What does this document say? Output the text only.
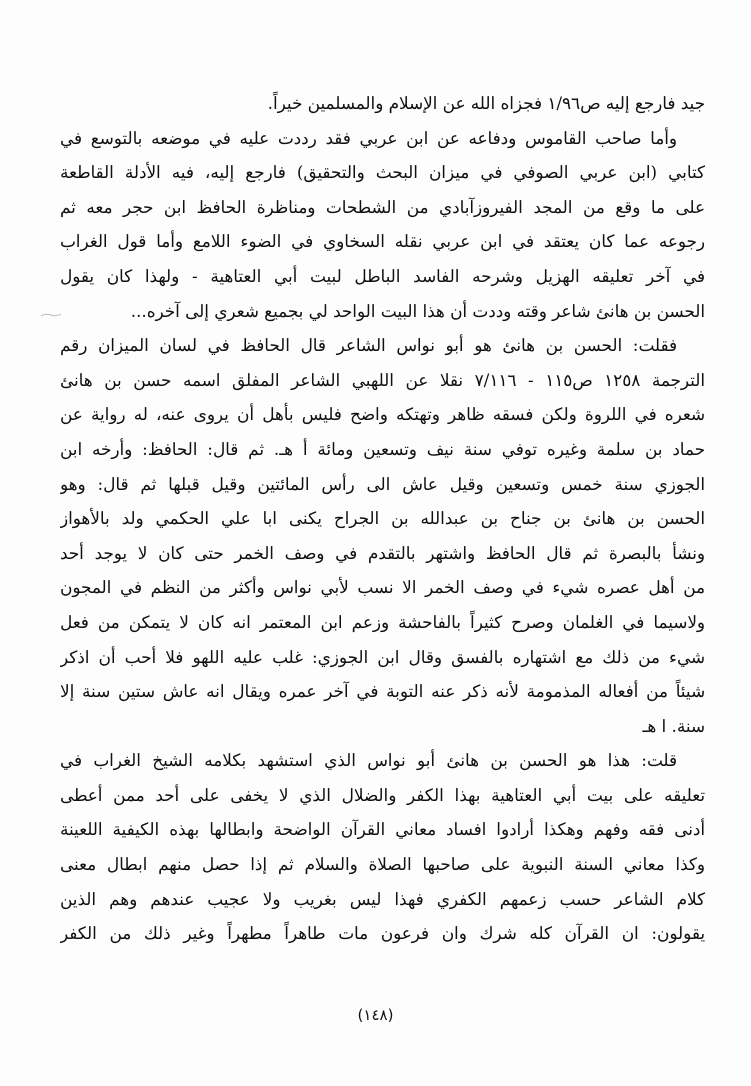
جيد فارجع إليه ص١/٩٦ فجزاه الله عن الإسلام والمسلمين خيراً.
وأما صاحب القاموس ودفاعه عن ابن عربي فقد رددت عليه في موضعه بالتوسع في
كتابي (ابن عربي الصوفي في ميزان البحث والتحقيق) فارجع إليه، فيه الأدلة القاطعة
على ما وقع من المجد الفيروزآبادي من الشطحات ومناظرة الحافظ ابن حجر معه ثم
رجوعه عما كان يعتقد في ابن عربي نقله السخاوي في الضوء اللامع وأما قول الغراب
في آخر تعليقه الهزيل وشرحه الفاسد الباطل لبيت أبي العتاهية - ولهذا كان يقول
الحسن بن هانئ شاعر وقته وددت أن هذا البيت الواحد لي بجميع شعري إلى آخره...
فقلت: الحسن بن هانئ هو أبو نواس الشاعر قال الحافظ في لسان الميزان رقم
الترجمة ١٢٥٨ ص١١٥ - ٧/١١٦ نقلا عن اللهبي الشاعر المفلق اسمه حسن بن هانئ
شعره في اللروة ولكن فسقه ظاهر وتهتكه واضح فليس بأهل أن يروى عنه، له رواية عن
حماد بن سلمة وغيره توفي سنة نيف وتسعين ومائة أ هـ. ثم قال: الحافظ: وأرخه ابن
الجوزي سنة خمس وتسعين وقيل عاش الى رأس المائتين وقيل قبلها ثم قال: وهو
الحسن بن هانئ بن جناح بن عبدالله بن الجراح يكنى ابا علي الحكمي ولد بالأهواز
ونشأ بالبصرة ثم قال الحافظ واشتهر بالتقدم في وصف الخمر حتى كان لا يوجد أحد
من أهل عصره شيء في وصف الخمر الا نسب لأبي نواس وأكثر من النظم في المجون
ولاسيما في الغلمان وصرح كثيراً بالفاحشة وزعم ابن المعتمر انه كان لا يتمكن من فعل
شيء من ذلك مع اشتهاره بالفسق وقال ابن الجوزي: غلب عليه اللهو فلا أحب أن اذكر
شيئاً من أفعاله المذمومة لأنه ذكر عنه التوبة في آخر عمره ويقال انه عاش ستين سنة إلا
سنة. ا هـ
قلت: هذا هو الحسن بن هانئ أبو نواس الذي استشهد بكلامه الشيخ الغراب في
تعليقه على بيت أبي العتاهية بهذا الكفر والضلال الذي لا يخفى على أحد ممن أعطى
أدنى فقه وفهم وهكذا أرادوا افساد معاني القرآن الواضحة وابطالها بهذه الكيفية اللعينة
وكذا معاني السنة النبوية على صاحبها الصلاة والسلام ثم إذا حصل منهم ابطال معنى
كلام الشاعر حسب زعمهم الكفري فهذا ليس بغريب ولا عجيب عندهم وهم الذين
يقولون: ان القرآن كله شرك وان فرعون مات طاهراً مطهراً وغير ذلك من الكفر
(١٤٨)
